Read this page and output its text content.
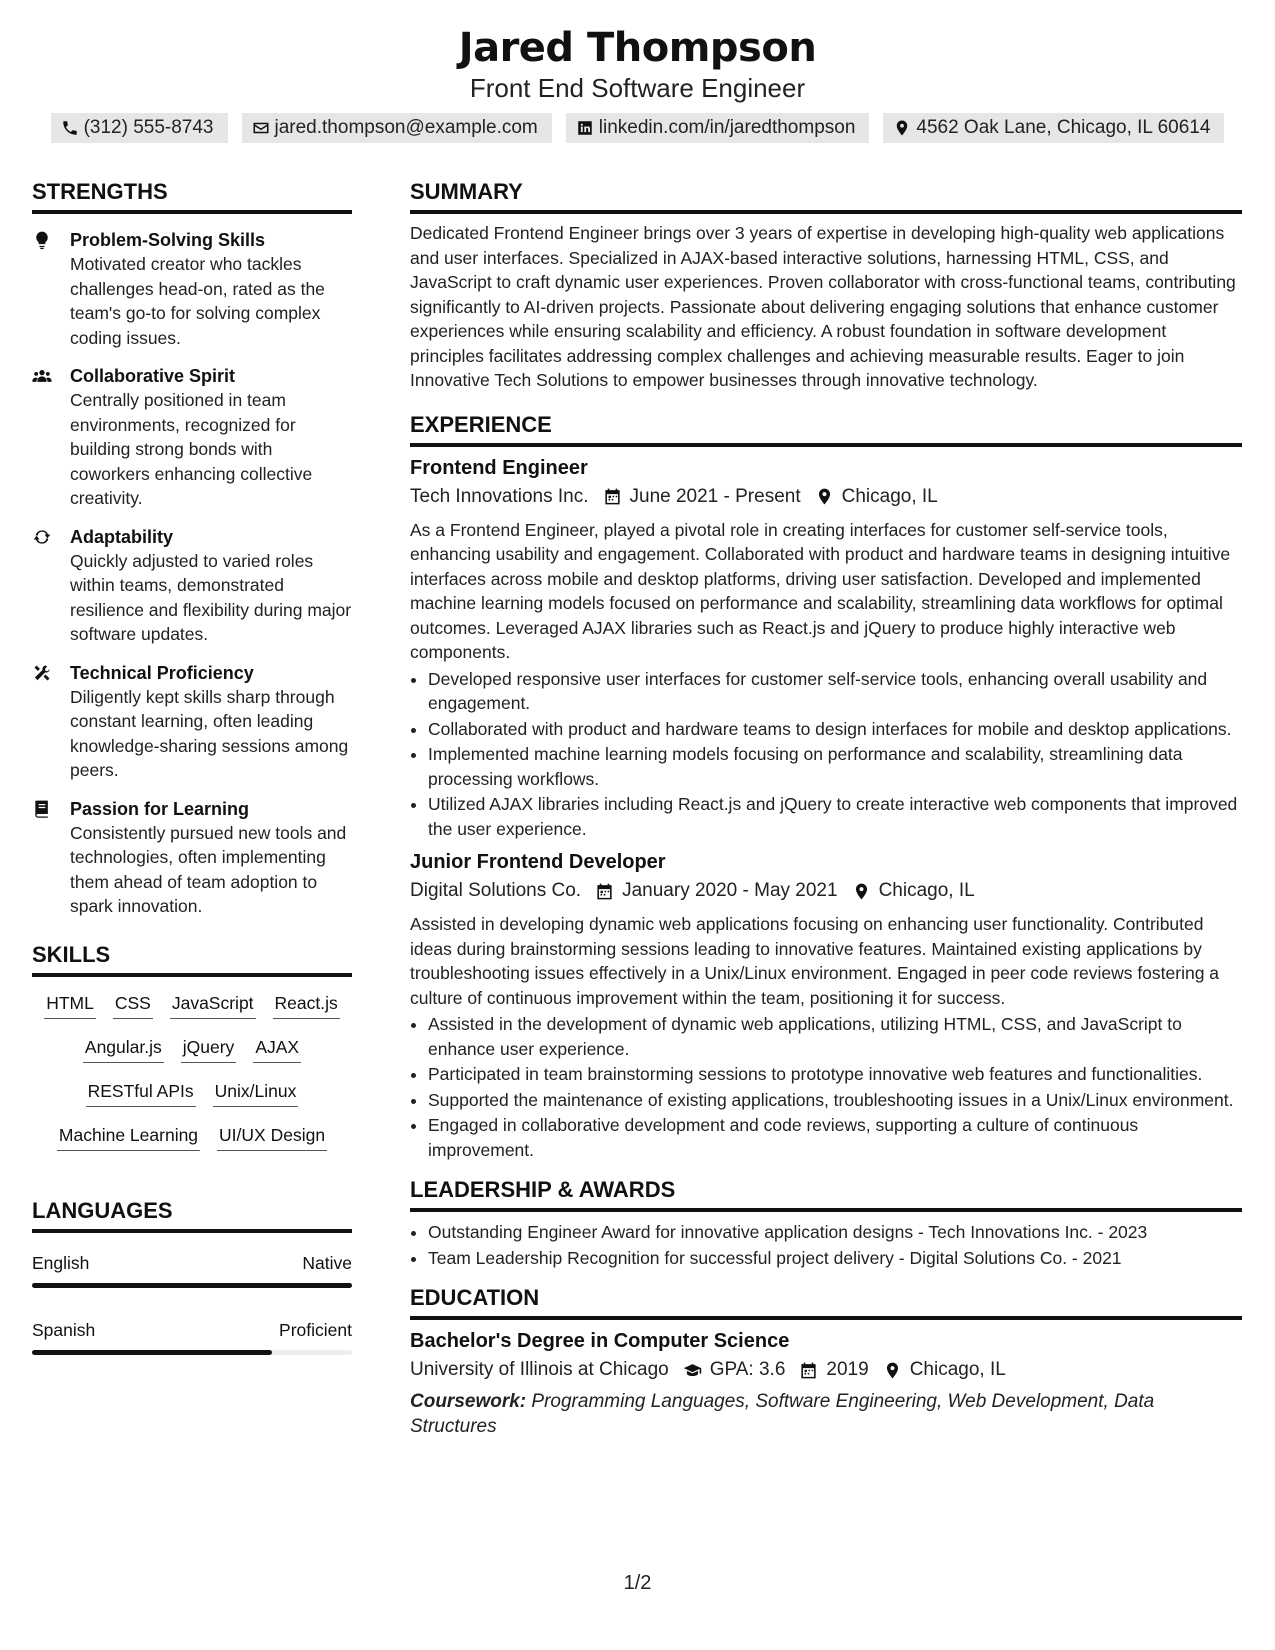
Jared Thompson
Front End Software Engineer
(312) 555-8743	jared.thompson@example.com	linkedin.com/in/jaredthompson	4562 Oak Lane, Chicago, IL 60614
STRENGTHS
Problem-Solving Skills
Motivated creator who tackles challenges head-on, rated as the team's go-to for solving complex coding issues.
Collaborative Spirit
Centrally positioned in team environments, recognized for building strong bonds with coworkers enhancing collective creativity.
Adaptability
Quickly adjusted to varied roles within teams, demonstrated resilience and flexibility during major software updates.
Technical Proficiency
Diligently kept skills sharp through constant learning, often leading knowledge-sharing sessions among peers.
Passion for Learning
Consistently pursued new tools and technologies, often implementing them ahead of team adoption to spark innovation.
SKILLS
HTML CSS JavaScript React.js
Angular.js jQuery AJAX
RESTful APIs Unix/Linux
Machine Learning UI/UX Design
LANGUAGES
English	Native
Spanish	Proficient
SUMMARY
Dedicated Frontend Engineer brings over 3 years of expertise in developing high-quality web applications and user interfaces. Specialized in AJAX-based interactive solutions, harnessing HTML, CSS, and JavaScript to craft dynamic user experiences. Proven collaborator with cross-functional teams, contributing significantly to AI-driven projects. Passionate about delivering engaging solutions that enhance customer experiences while ensuring scalability and efficiency. A robust foundation in software development principles facilitates addressing complex challenges and achieving measurable results. Eager to join Innovative Tech Solutions to empower businesses through innovative technology.
EXPERIENCE
Frontend Engineer
Tech Innovations Inc. June 2021 - Present Chicago, IL
As a Frontend Engineer, played a pivotal role in creating interfaces for customer self-service tools, enhancing usability and engagement. Collaborated with product and hardware teams in designing intuitive interfaces across mobile and desktop platforms, driving user satisfaction. Developed and implemented machine learning models focused on performance and scalability, streamlining data workflows for optimal outcomes. Leveraged AJAX libraries such as React.js and jQuery to produce highly interactive web components.
• Developed responsive user interfaces for customer self-service tools, enhancing overall usability and engagement.
• Collaborated with product and hardware teams to design interfaces for mobile and desktop applications.
• Implemented machine learning models focusing on performance and scalability, streamlining data processing workflows.
• Utilized AJAX libraries including React.js and jQuery to create interactive web components that improved the user experience.
Junior Frontend Developer
Digital Solutions Co. January 2020 - May 2021 Chicago, IL
Assisted in developing dynamic web applications focusing on enhancing user functionality. Contributed ideas during brainstorming sessions leading to innovative features. Maintained existing applications by troubleshooting issues effectively in a Unix/Linux environment. Engaged in peer code reviews fostering a culture of continuous improvement within the team, positioning it for success.
• Assisted in the development of dynamic web applications, utilizing HTML, CSS, and JavaScript to enhance user experience.
• Participated in team brainstorming sessions to prototype innovative web features and functionalities.
• Supported the maintenance of existing applications, troubleshooting issues in a Unix/Linux environment.
• Engaged in collaborative development and code reviews, supporting a culture of continuous improvement.
LEADERSHIP & AWARDS
• Outstanding Engineer Award for innovative application designs - Tech Innovations Inc. - 2023
• Team Leadership Recognition for successful project delivery - Digital Solutions Co. - 2021
EDUCATION
Bachelor's Degree in Computer Science
University of Illinois at Chicago GPA: 3.6 2019 Chicago, IL
Coursework: Programming Languages, Software Engineering, Web Development, Data Structures
1/2
